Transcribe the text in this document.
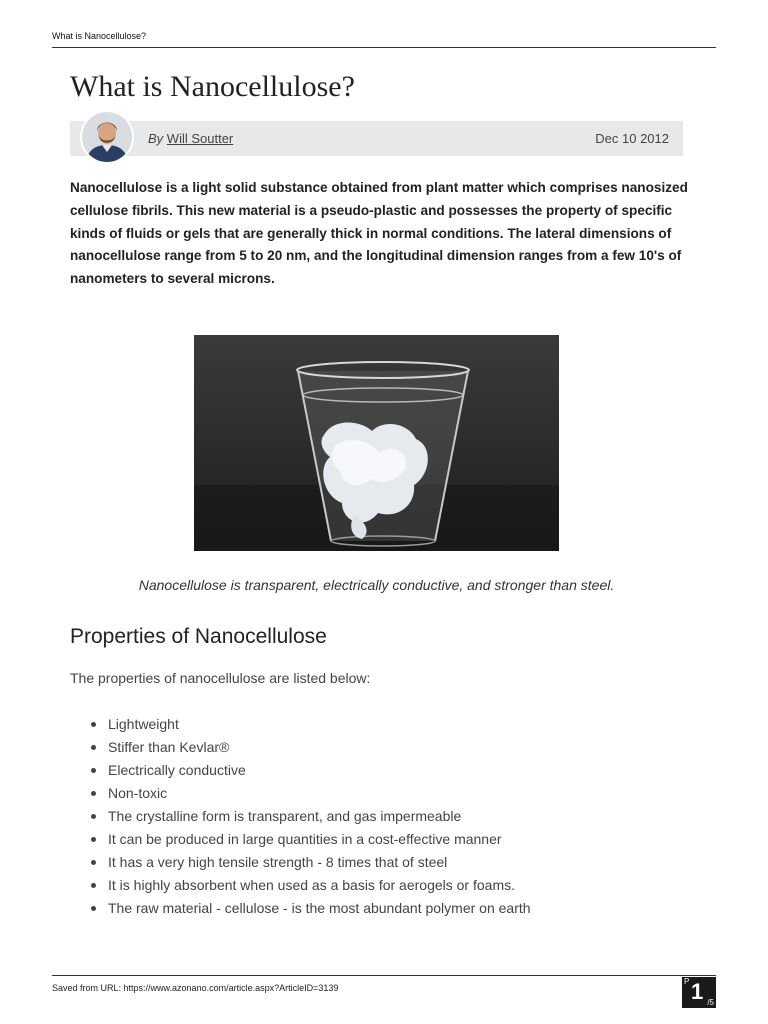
What is Nanocellulose?
What is Nanocellulose?
By Will Soutter	Dec 10 2012

Nanocellulose is a light solid substance obtained from plant matter which comprises nanosized cellulose fibrils. This new material is a pseudo-plastic and possesses the property of specific kinds of fluids or gels that are generally thick in normal conditions. The lateral dimensions of nanocellulose range from 5 to 20 nm, and the longitudinal dimension ranges from a few 10's of nanometers to several microns.

Nanocellulose is transparent, electrically conductive, and stronger than steel.
Properties of Nanocellulose
The properties of nanocellulose are listed below:
Lightweight
Stiffer than Kevlar®
Electrically conductive
Non-toxic
The crystalline form is transparent, and gas impermeable
It can be produced in large quantities in a cost-effective manner
It has a very high tensile strength - 8 times that of steel
It is highly absorbent when used as a basis for aerogels or foams.
The raw material - cellulose - is the most abundant polymer on earth
Saved from URL: https://www.azonano.com/article.aspx?ArticleID=3139
P 1 /5
